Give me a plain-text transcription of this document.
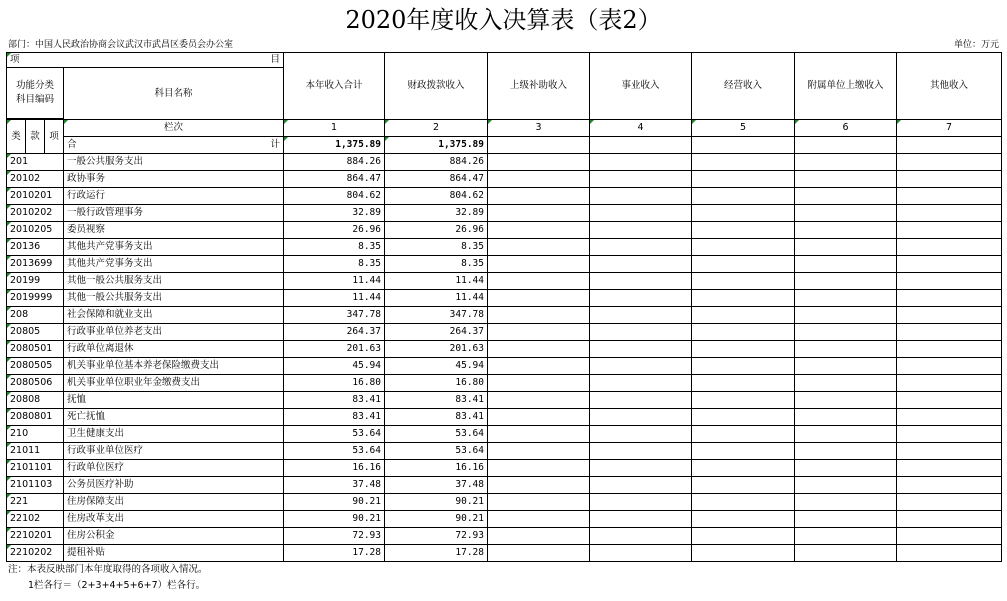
2020年度收入决算表（表2）
部门：中国人民政治协商会议武汉市武昌区委员会办公室	单位：万元
项	目	本年收入合计	财政拨款收入	上级补助收入	事业收入	经营收入	附属单位上缴收入	其他收入
功能分类
科目编码	科目名称							

类 款 项	栏次	1	2	3	4	5	6	7

	合 计	1,375.89	1,375.89					
201	一般公共服务支出	884.26	884.26					
20102	政协事务	864.47	864.47					
2010201	行政运行	804.62	804.62					
2010202	一般行政管理事务	32.89	32.89					
2010205	委员视察	26.96	26.96					
20136	其他共产党事务支出	8.35	8.35					
2013699	其他共产党事务支出	8.35	8.35					
20199	其他一般公共服务支出	11.44	11.44					
2019999	其他一般公共服务支出	11.44	11.44					
208	社会保障和就业支出	347.78	347.78					
20805	行政事业单位养老支出	264.37	264.37					
2080501	行政单位离退休	201.63	201.63					
2080505	机关事业单位基本养老保险缴费支出	45.94	45.94					
2080506	机关事业单位职业年金缴费支出	16.80	16.80					
20808	抚恤	83.41	83.41					
2080801	死亡抚恤	83.41	83.41					
210	卫生健康支出	53.64	53.64					
21011	行政事业单位医疗	53.64	53.64					
2101101	行政单位医疗	16.16	16.16					
2101103	公务员医疗补助	37.48	37.48					
221	住房保障支出	90.21	90.21					
22102	住房改革支出	90.21	90.21					
2210201	住房公积金	72.93	72.93					
2210202	提租补贴	17.28	17.28					
注：本表反映部门本年度取得的各项收入情况。
1栏各行＝（2+3+4+5+6+7）栏各行。
